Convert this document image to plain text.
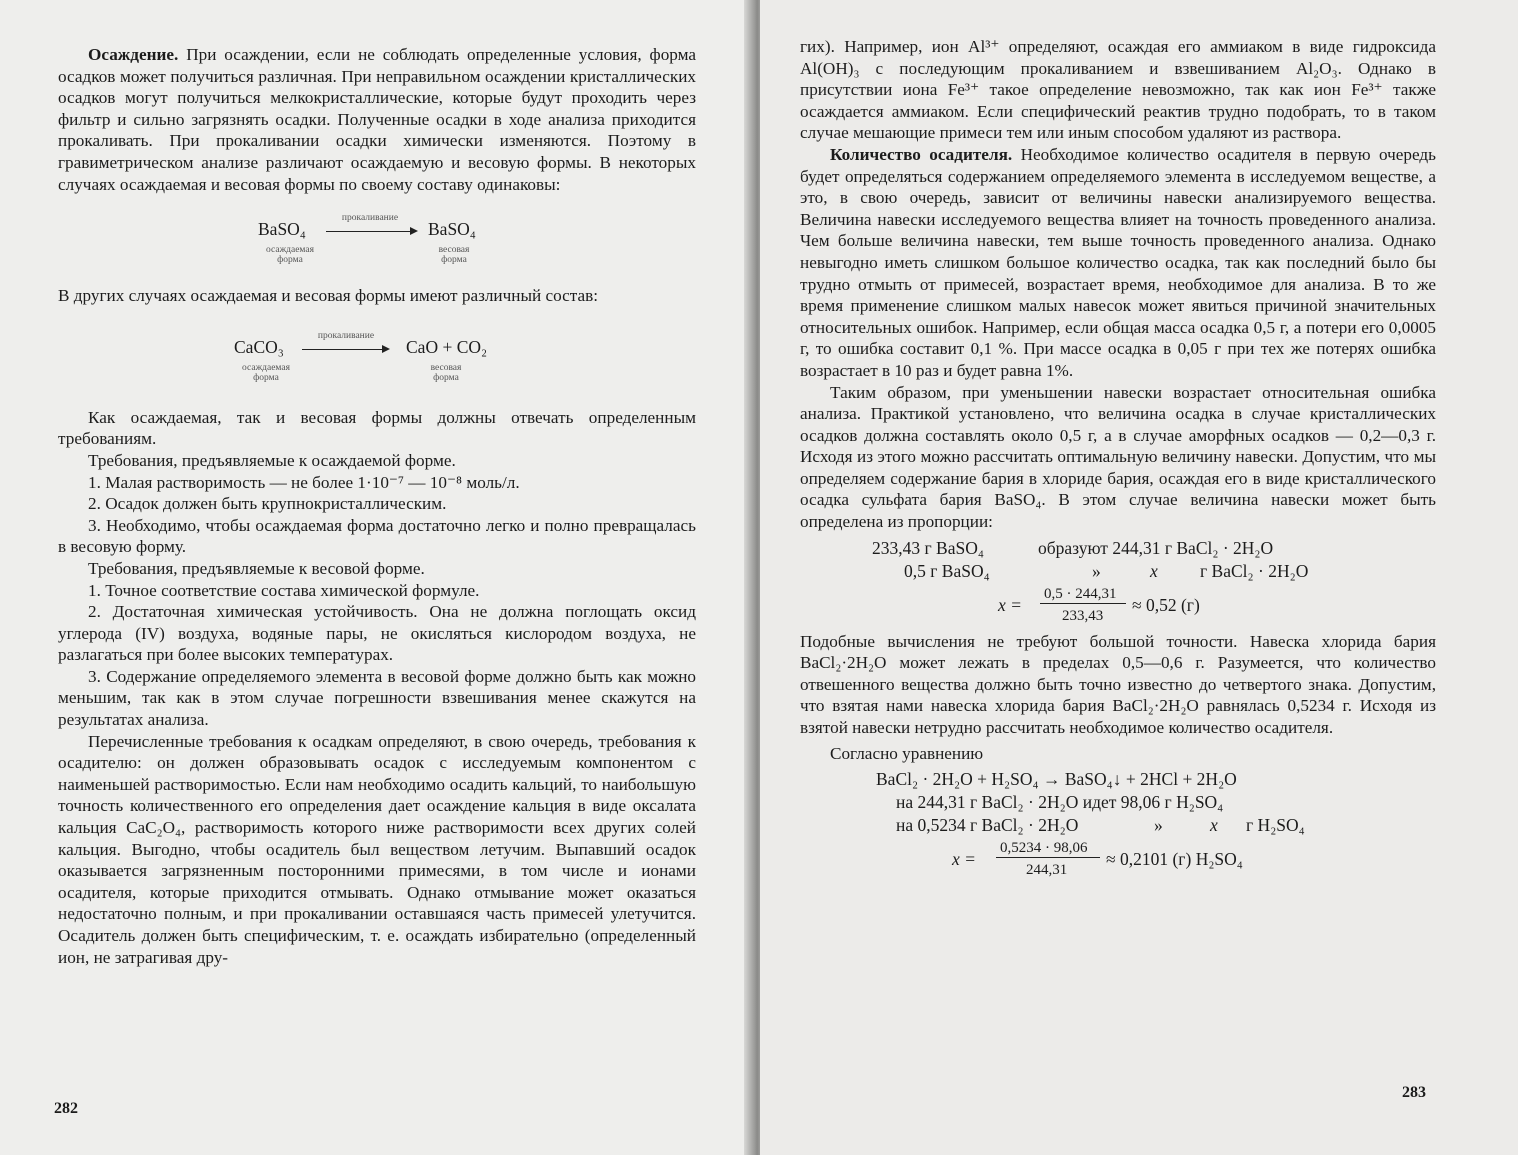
Осаждение. При осаждении, если не соблюдать определенные условия, форма осадков может получиться различная. При неправильном осаждении кристаллических осадков могут получиться мелкокристаллические, которые будут проходить через фильтр и сильно загрязнять осадки. Полученные осадки в ходе анализа приходится прокаливать. При прокаливании осадки химически изменяются. Поэтому в гравиметрическом анализе различают осаждаемую и весовую формы. В некоторых случаях осаждаемая и весовая формы по своему составу одинаковы:

BaSO₄
прокаливание
BaSO₄
осаждаемая
форма
весовая
форма

В других случаях осаждаемая и весовая формы имеют различный состав:

CaCO₃
прокаливание
CaO + CO₂
осаждаемая
форма
весовая
форма

Как осаждаемая, так и весовая формы должны отвечать определенным требованиям.

Требования, предъявляемые к осаждаемой форме.

1. Малая растворимость — не более 1·10⁻⁷ — 10⁻⁸ моль/л.

2. Осадок должен быть крупнокристаллическим.

3. Необходимо, чтобы осаждаемая форма достаточно легко и полно превращалась в весовую форму.

Требования, предъявляемые к весовой форме.

1. Точное соответствие состава химической формуле.

2. Достаточная химическая устойчивость. Она не должна поглощать оксид углерода (IV) воздуха, водяные пары, не окисляться кислородом воздуха, не разлагаться при более высоких температурах.

3. Содержание определяемого элемента в весовой форме должно быть как можно меньшим, так как в этом случае погрешности взвешивания менее скажутся на результатах анализа.

Перечисленные требования к осадкам определяют, в свою очередь, требования к осадителю: он должен образовывать осадок с исследуемым компонентом с наименьшей растворимостью. Если нам необходимо осадить кальций, то наибольшую точность количественного его определения дает осаждение кальция в виде оксалата кальция CaC₂O₄, растворимость которого ниже растворимости всех других солей кальция. Выгодно, чтобы осадитель был веществом летучим. Выпавший осадок оказывается загрязненным посторонними примесями, в том числе и ионами осадителя, которые приходится отмывать. Однако отмывание может оказаться недостаточно полным, и при прокаливании оставшаяся часть примесей улетучится. Осадитель должен быть специфическим, т. е. осаждать избирательно (определенный ион, не затрагивая дру-

282

гих). Например, ион Al³⁺ определяют, осаждая его аммиаком в виде гидроксида Al(OH)₃ с последующим прокаливанием и взвешиванием Al₂O₃. Однако в присутствии иона Fe³⁺ такое определение невозможно, так как ион Fe³⁺ также осаждается аммиаком. Если специфический реактив трудно подобрать, то в таком случае мешающие примеси тем или иным способом удаляют из раствора.

Количество осадителя. Необходимое количество осадителя в первую очередь будет определяться содержанием определяемого элемента в исследуемом веществе, а это, в свою очередь, зависит от величины навески анализируемого вещества. Величина навески исследуемого вещества влияет на точность проведенного анализа. Чем больше величина навески, тем выше точность проведенного анализа. Однако невыгодно иметь слишком большое количество осадка, так как последний было бы трудно отмыть от примесей, возрастает время, необходимое для анализа. В то же время применение слишком малых навесок может явиться причиной значительных относительных ошибок. Например, если общая масса осадка 0,5 г, а потери его 0,0005 г, то ошибка составит 0,1 %. При массе осадка в 0,05 г при тех же потерях ошибка возрастает в 10 раз и будет равна 1%.

Таким образом, при уменьшении навески возрастает относительная ошибка анализа. Практикой установлено, что величина осадка в случае кристаллических осадков должна составлять около 0,5 г, а в случае аморфных осадков — 0,2—0,3 г. Исходя из этого можно рассчитать оптимальную величину навески. Допустим, что мы определяем содержание бария в хлориде бария, осаждая его в виде кристаллического осадка сульфата бария BaSO₄. В этом случае величина навески может быть определена из пропорции:

233,43 г BaSO₄	образуют 244,31 г BaCl₂ · 2H₂O
0,5 г BaSO₄	»	x г BaCl₂ · 2H₂O
x =
0,5 · 244,31
233,43
≈ 0,52 (г)

Подобные вычисления не требуют большой точности. Навеска хлорида бария BaCl₂·2H₂O может лежать в пределах 0,5—0,6 г. Разумеется, что количество отвешенного вещества должно быть точно известно до четвертого знака. Допустим, что взятая нами навеска хлорида бария BaCl₂·2H₂O равнялась 0,5234 г. Исходя из взятой навески нетрудно рассчитать необходимое количество осадителя.

Согласно уравнению

BaCl₂ · 2H₂O + H₂SO₄ → BaSO₄↓ + 2HCl + 2H₂O
на 244,31 г BaCl₂ · 2H₂O идет 98,06 г H₂SO₄
на 0,5234 г BaCl₂ · 2H₂O	»	x г H₂SO₄
x =
0,5234 · 98,06
244,31
≈ 0,2101 (г) H₂SO₄
283
